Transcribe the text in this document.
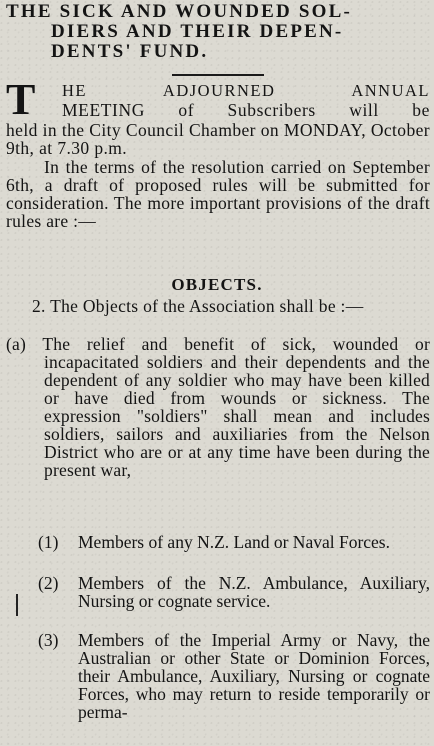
THE SICK AND WOUNDED SOL-
DIERS AND THEIR DEPEN-
DENTS' FUND.
T HE ADJOURNED ANNUAL

MEETING of Subscribers will be

held in the City Council Chamber on MONDAY, October 9th, at 7.30 p.m.

In the terms of the resolution carried on September 6th, a draft of proposed rules will be submitted for consideration. The more important provisions of the draft rules are :—

OBJECTS.

2. The Objects of the Association shall be :—

(a) The relief and benefit of sick, wounded or incapacitated soldiers and their dependents and the dependent of any soldier who may have been killed or have died from wounds or sickness. The expression "soldiers" shall mean and includes soldiers, sailors and auxiliaries from the Nelson District who are or at any time have been during the present war,

(1) Members of any N.Z. Land or Naval Forces.
(2) Members of the N.Z. Ambulance, Auxiliary, Nursing or cognate service.
(3) Members of the Imperial Army or Navy, the Australian or other State or Dominion Forces, their Ambulance, Auxiliary, Nursing or cognate Forces, who may return to reside temporarily or perma-
